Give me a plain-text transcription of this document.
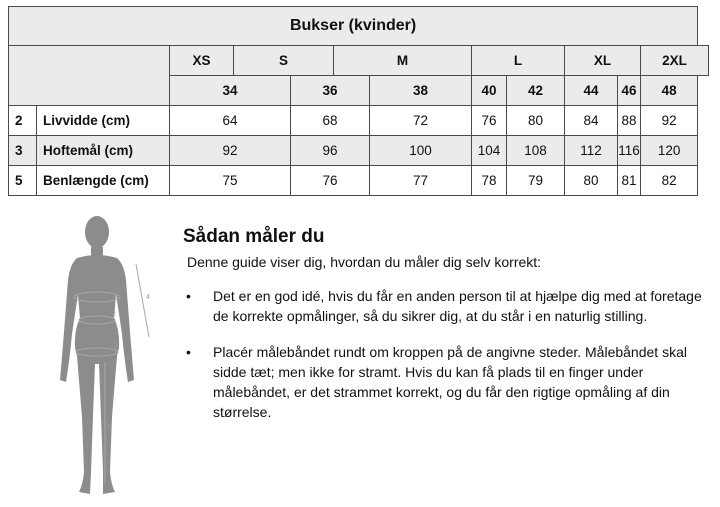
Bukser (kvinder)											
		XS	S		M		L		XL		2XL
		34		36		38	40	42	44	46	48
2	Livvidde (cm)	64		68		72	76	80	84	88	92
3	Hoftemål (cm)	92		96		100	104	108	112	116	120
5	Benlængde (cm)	75		76		77	78	79	80	81	82
1
2
3
4
5
Sådan måler du
Denne guide viser dig, hvordan du måler dig selv korrekt:
• Det er en god idé, hvis du får en anden person til at hjælpe dig med at foretage de korrekte opmålinger, så du sikrer dig, at du står i en naturlig stilling.
• Placér målebåndet rundt om kroppen på de angivne steder. Målebåndet skal sidde tæt; men ikke for stramt. Hvis du kan få plads til en finger under målebåndet, er det strammet korrekt, og du får den rigtige opmåling af din størrelse.
